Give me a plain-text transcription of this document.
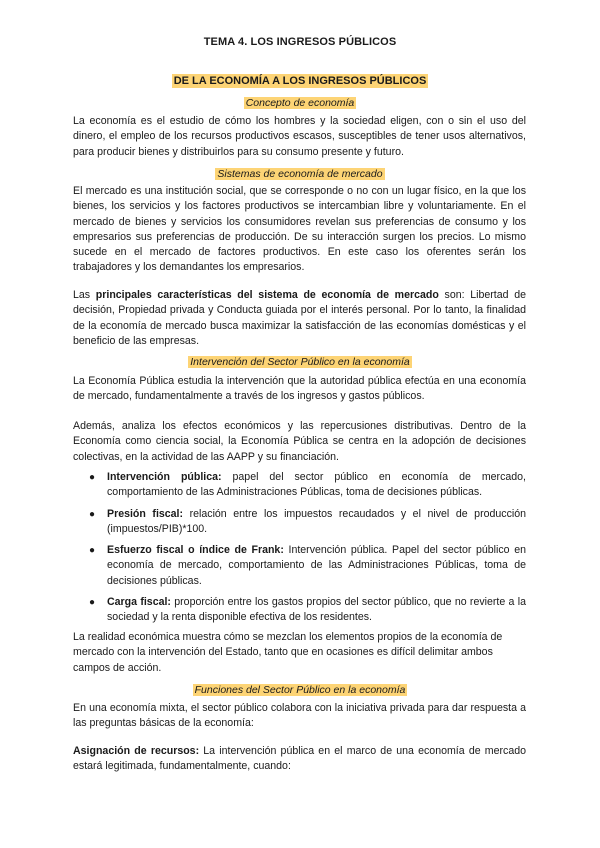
TEMA 4. LOS INGRESOS PÚBLICOS
DE LA ECONOMÍA A LOS INGRESOS PÚBLICOS
Concepto de economía
La economía es el estudio de cómo los hombres y la sociedad eligen, con o sin el uso del dinero, el empleo de los recursos productivos escasos, susceptibles de tener usos alternativos, para producir bienes y distribuirlos para su consumo presente y futuro.
Sistemas de economía de mercado
El mercado es una institución social, que se corresponde o no con un lugar físico, en la que los bienes, los servicios y los factores productivos se intercambian libre y voluntariamente. En el mercado de bienes y servicios los consumidores revelan sus preferencias de consumo y los empresarios sus preferencias de producción. De su interacción surgen los precios. Lo mismo sucede en el mercado de factores productivos. En este caso los oferentes serán los trabajadores y los demandantes los empresarios.
Las principales características del sistema de economía de mercado son: Libertad de decisión, Propiedad privada y Conducta guiada por el interés personal. Por lo tanto, la finalidad de la economía de mercado busca maximizar la satisfacción de las economías domésticas y el beneficio de las empresas.
Intervención del Sector Público en la economía
La Economía Pública estudia la intervención que la autoridad pública efectúa en una economía de mercado, fundamentalmente a través de los ingresos y gastos públicos.
Además, analiza los efectos económicos y las repercusiones distributivas. Dentro de la Economía como ciencia social, la Economía Pública se centra en la adopción de decisiones colectivas, en la actividad de las AAPP y su financiación.
● Intervención pública: papel del sector público en economía de mercado, comportamiento de las Administraciones Públicas, toma de decisiones públicas.
● Presión fiscal: relación entre los impuestos recaudados y el nivel de producción (impuestos/PIB)*100.
● Esfuerzo fiscal o índice de Frank: Intervención pública. Papel del sector público en economía de mercado, comportamiento de las Administraciones Públicas, toma de decisiones públicas.
● Carga fiscal: proporción entre los gastos propios del sector público, que no revierte a la sociedad y la renta disponible efectiva de los residentes.
La realidad económica muestra cómo se mezclan los elementos propios de la economía de mercado con la intervención del Estado, tanto que en ocasiones es difícil delimitar ambos campos de acción.
Funciones del Sector Público en la economía
En una economía mixta, el sector público colabora con la iniciativa privada para dar respuesta a las preguntas básicas de la economía:
Asignación de recursos: La intervención pública en el marco de una economía de mercado estará legitimada, fundamentalmente, cuando:
